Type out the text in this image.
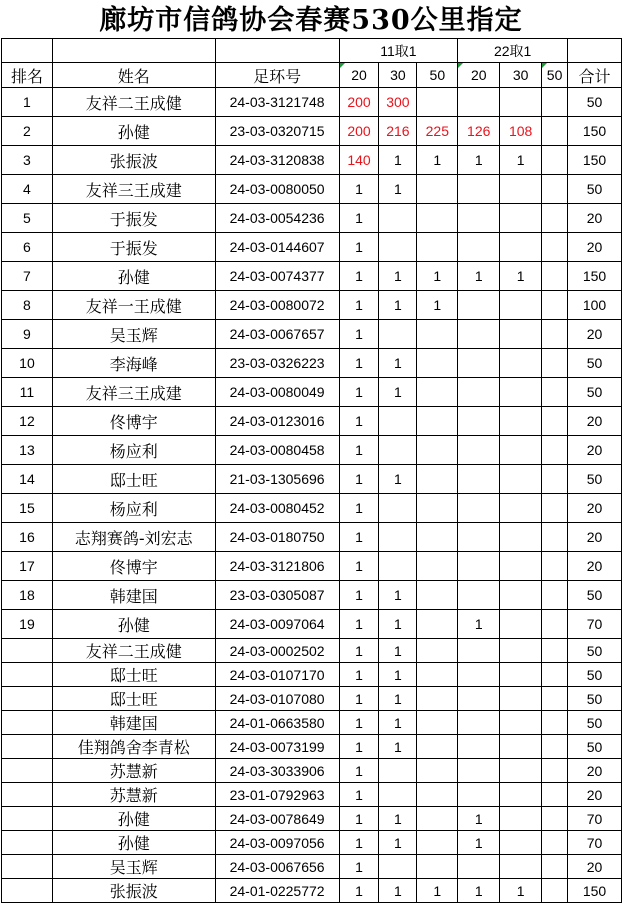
廊坊市信鸽协会春赛530公里指定
			11取1			22取1			
排名	姓名	足环号	20	30	50	20	30	50	合计
1	友祥二王成健	24-03-3121748	200	300					50
2	孙健	23-03-0320715	200	216	225	126	108		150
3	张振波	24-03-3120838	140	1	1	1	1		150
4	友祥三王成建	24-03-0080050	1	1					50
5	于振发	24-03-0054236	1						20
6	于振发	24-03-0144607	1						20
7	孙健	24-03-0074377	1	1	1	1	1		150
8	友祥一王成健	24-03-0080072	1	1	1				100
9	吴玉辉	24-03-0067657	1						20
10	李海峰	23-03-0326223	1	1					50
11	友祥三王成建	24-03-0080049	1	1					50
12	佟博宇	24-03-0123016	1						20
13	杨应利	24-03-0080458	1						20
14	邸士旺	21-03-1305696	1	1					50
15	杨应利	24-03-0080452	1						20
16	志翔赛鸽-刘宏志	24-03-0180750	1						20
17	佟博宇	24-03-3121806	1						20
18	韩建国	23-03-0305087	1	1					50
19	孙健	24-03-0097064	1	1		1			70
	友祥二王成健	24-03-0002502	1	1					50
	邸士旺	24-03-0107170	1	1					50
	邸士旺	24-03-0107080	1	1					50
	韩建国	24-01-0663580	1	1					50
	佳翔鸽舍李青松	24-03-0073199	1	1					50
	苏慧新	24-03-3033906	1						20
	苏慧新	23-01-0792963	1						20
	孙健	24-03-0078649	1	1		1			70
	孙健	24-03-0097056	1	1		1			70
	吴玉辉	24-03-0067656	1						20
	张振波	24-01-0225772	1	1	1	1	1		150
